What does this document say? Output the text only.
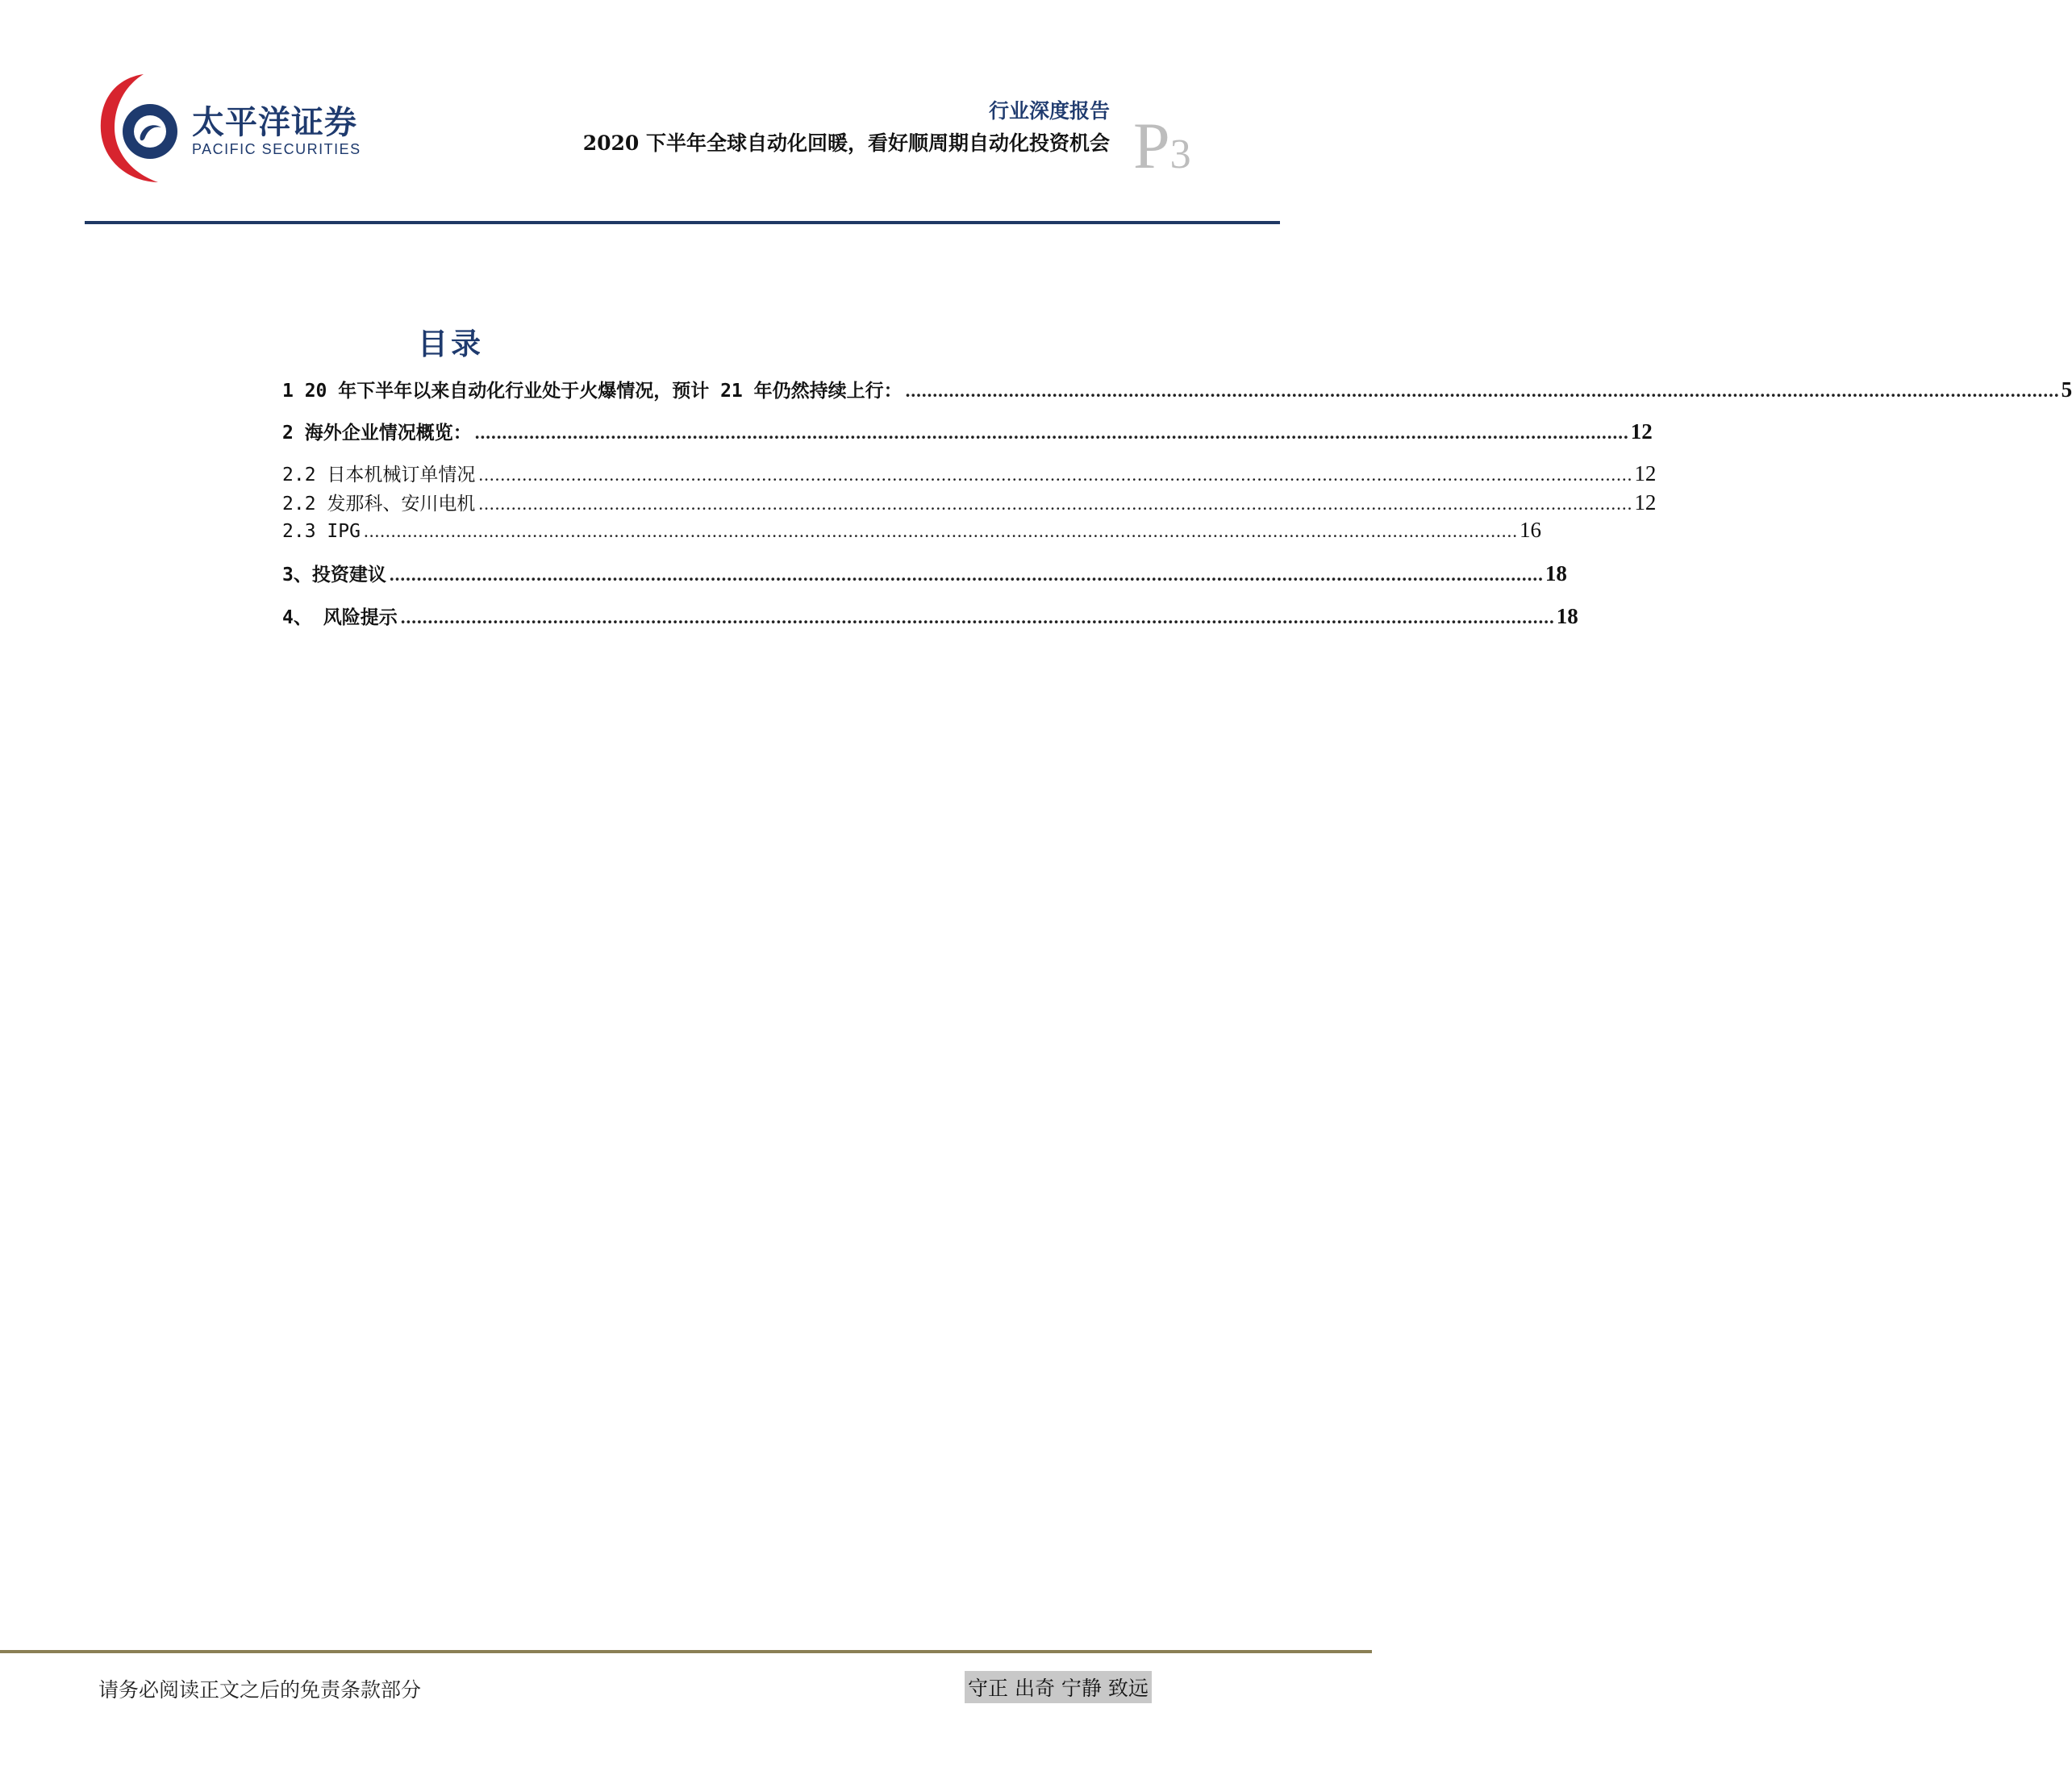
太平洋证券
PACIFIC SECURITIES
行业深度报告
2020 下半年全球自动化回暖，看好顺周期自动化投资机会 P3
目录
1 20 年下半年以来自动化行业处于火爆情况，预计 21 年仍然持续上行： .................................................................................................................................................................................................................... 5
2 海外企业情况概览： .................................................................................................................................................................................................................... 12
2.2 日本机械订单情况 .................................................................................................................................................................................................................... 12
2.2 发那科、安川电机 .................................................................................................................................................................................................................... 12
2.3 IPG .................................................................................................................................................................................................................... 16
3、投资建议 .................................................................................................................................................................................................................... 18
4、 风险提示 .................................................................................................................................................................................................................... 18
请务必阅读正文之后的免责条款部分	守正 出奇 宁静 致远
